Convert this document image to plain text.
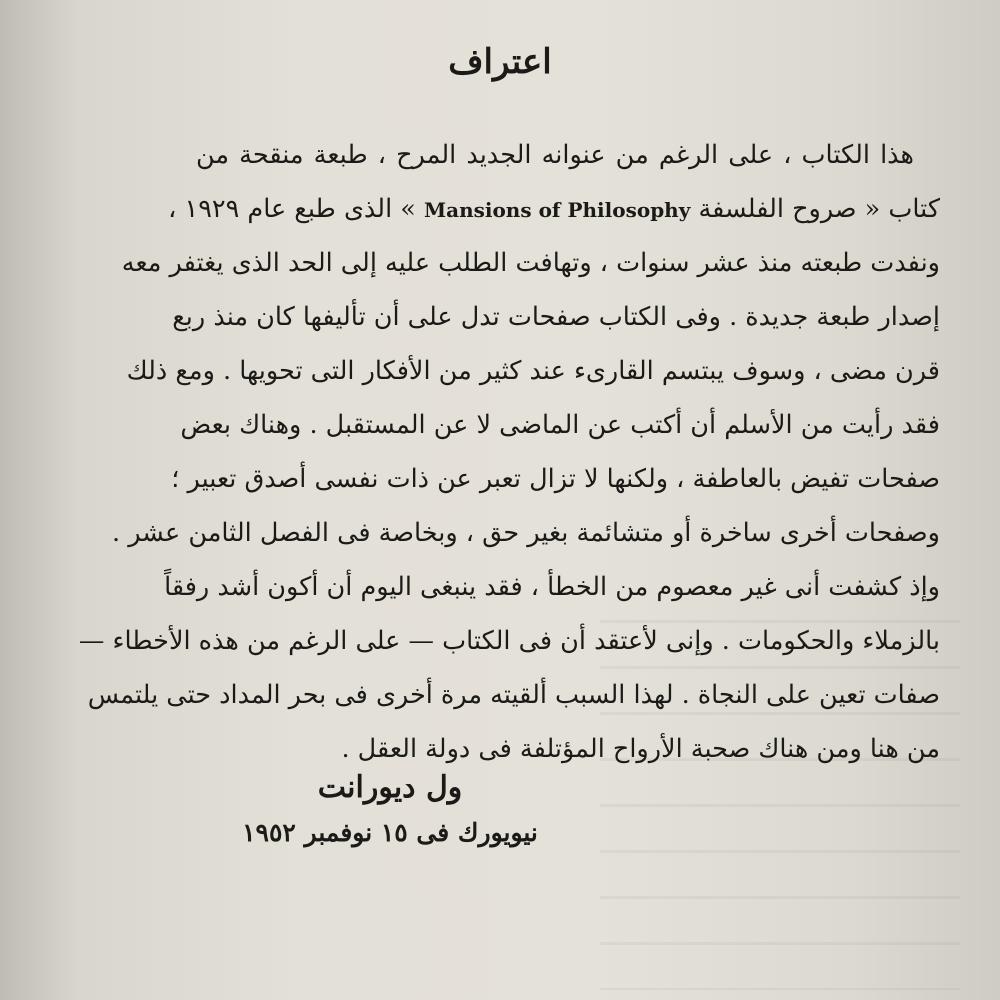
اعتراف
هذا الكتاب ، على الرغم من عنوانه الجديد المرح ، طبعة منقحة من
كتاب « صروح الفلسفة Mansions of Philosophy » الذى طبع عام ١٩٢٩ ،
ونفدت طبعته منذ عشر سنوات ، وتهافت الطلب عليه إلى الحد الذى يغتفر معه
إصدار طبعة جديدة . وفى الكتاب صفحات تدل على أن تأليفها كان منذ ربع
قرن مضى ، وسوف يبتسم القارىء عند كثير من الأفكار التى تحويها . ومع ذلك
فقد رأيت من الأسلم أن أكتب عن الماضى لا عن المستقبل . وهناك بعض
صفحات تفيض بالعاطفة ، ولكنها لا تزال تعبر عن ذات نفسى أصدق تعبير ؛
وصفحات أخرى ساخرة أو متشائمة بغير حق ، وبخاصة فى الفصل الثامن عشر .
وإذ كشفت أنى غير معصوم من الخطأ ، فقد ينبغى اليوم أن أكون أشد رفقاً
بالزملاء والحكومات . وإنى لأعتقد أن فى الكتاب — على الرغم من هذه الأخطاء —
صفات تعين على النجاة . لهذا السبب ألقيته مرة أخرى فى بحر المداد حتى يلتمس
من هنا ومن هناك صحبة الأرواح المؤتلفة فى دولة العقل .
ول ديورانت
نيويورك فى ١٥ نوفمبر ١٩٥٢
